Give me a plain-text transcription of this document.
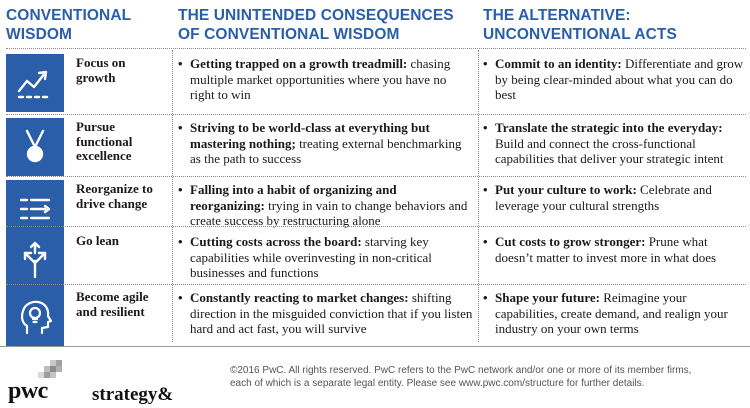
CONVENTIONAL
WISDOM
THE UNINTENDED CONSEQUENCES
OF CONVENTIONAL WISDOM
THE ALTERNATIVE:
UNCONVENTIONAL ACTS
Focus on growth
• Getting trapped on a growth treadmill: chasing multiple market opportunities where you have no right to win
• Commit to an identity: Differentiate and grow by being clear-minded about what you can do best
Pursue functional excellence
• Striving to be world-class at everything but mastering nothing; treating external benchmarking as the path to success
• Translate the strategic into the everyday: Build and connect the cross-functional capabilities that deliver your strategic intent
Reorganize to drive change
• Falling into a habit of organizing and reorganizing: trying in vain to change behaviors and create success by restructuring alone
• Put your culture to work: Celebrate and leverage your cultural strengths
Go lean
•	Cutting costs across the board: starving key capabilities while overinvesting in non-critical businesses and functions
• Cut costs to grow stronger: Prune what doesn’t matter to invest more in what does
Become agile and resilient
• Constantly reacting to market changes: shifting direction in the misguided conviction that if you listen hard and act fast, you will survive
• Shape your future: Reimagine your capabilities, create demand, and realign your industry on your own terms
pwc strategy&
©2016 PwC. All rights reserved. PwC refers to the PwC network and/or one or more of its member firms,
each of which is a separate legal entity. Please see www.pwc.com/structure for further details.
